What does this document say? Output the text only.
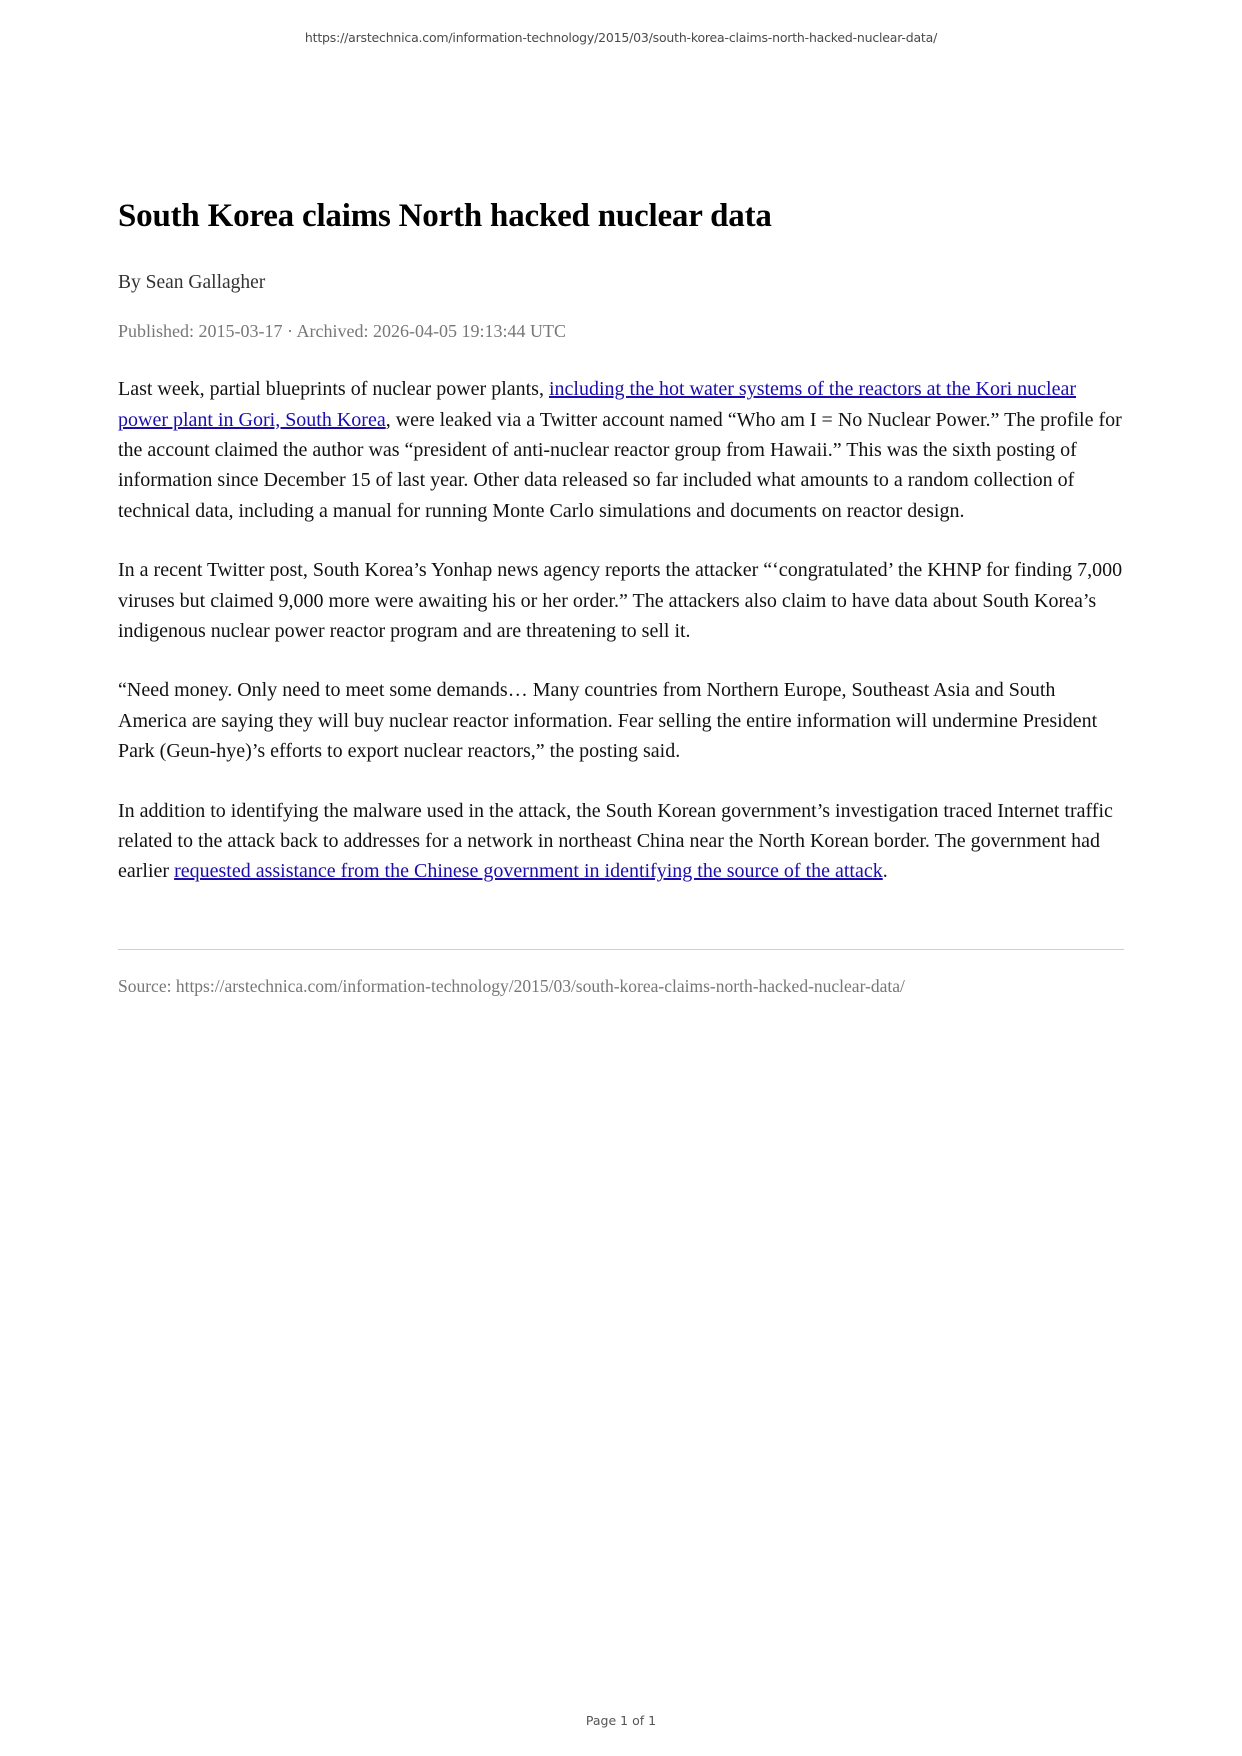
https://arstechnica.com/information-technology/2015/03/south-korea-claims-north-hacked-nuclear-data/
South Korea claims North hacked nuclear data
By Sean Gallagher
Published: 2015-03-17 · Archived: 2026-04-05 19:13:44 UTC

Last week, partial blueprints of nuclear power plants, including the hot water systems of the reactors at the Kori nuclear power plant in Gori, South Korea, were leaked via a Twitter account named “Who am I = No Nuclear Power.” The profile for the account claimed the author was “president of anti-nuclear reactor group from Hawaii.” This was the sixth posting of information since December 15 of last year. Other data released so far included what amounts to a random collection of technical data, including a manual for running Monte Carlo simulations and documents on reactor design.

In a recent Twitter post, South Korea’s Yonhap news agency reports the attacker “‘congratulated’ the KHNP for finding 7,000 viruses but claimed 9,000 more were awaiting his or her order.” The attackers also claim to have data about South Korea’s indigenous nuclear power reactor program and are threatening to sell it.

“Need money. Only need to meet some demands… Many countries from Northern Europe, Southeast Asia and South America are saying they will buy nuclear reactor information. Fear selling the entire information will undermine President Park (Geun-hye)’s efforts to export nuclear reactors,” the posting said.

In addition to identifying the malware used in the attack, the South Korean government’s investigation traced Internet traffic related to the attack back to addresses for a network in northeast China near the North Korean border. The government had earlier requested assistance from the Chinese government in identifying the source of the attack.

Source: https://arstechnica.com/information-technology/2015/03/south-korea-claims-north-hacked-nuclear-data/
Page 1 of 1
